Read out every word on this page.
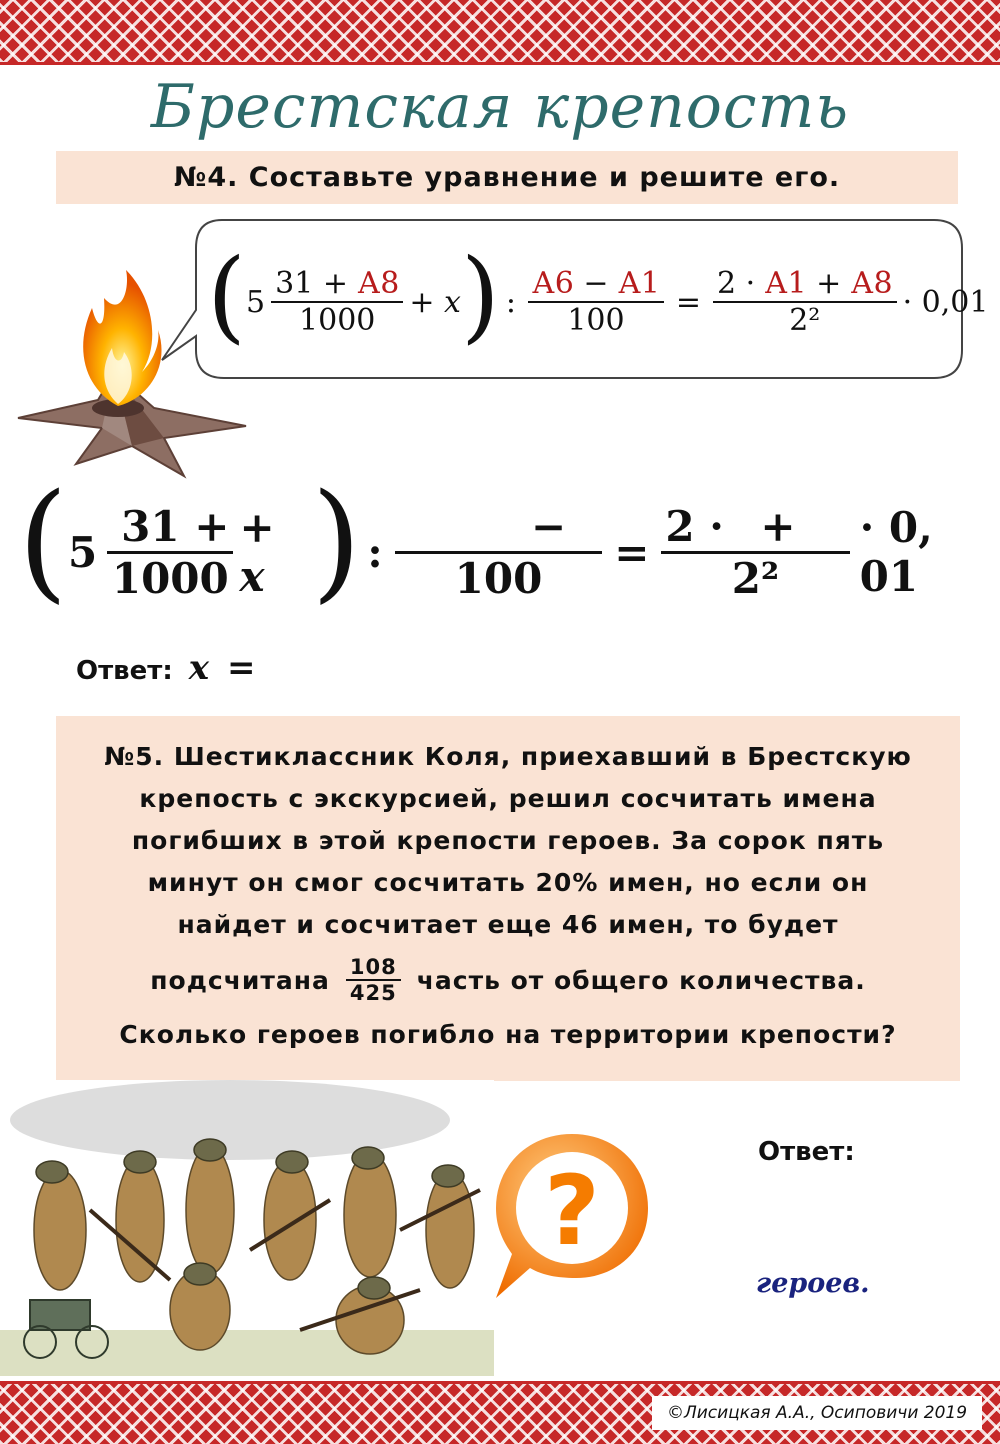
Брестская крепость
№4. Составьте уравнение и решите его.
( $5 \frac{31 + А8}{1000} + x$ ) : $\frac{А6 - А1}{100} = \frac{2 \cdot А1 + А8}{\text{2²}} \cdot 0,01$
( $5 \frac{31 +}{1000} + x$ ) :
−
100
= $\frac{2 \cdot +}{\text{2²}} \cdot 0$, 01
Ответ: x =
№5. Шестиклассник Коля, приехавший в Брестскую
крепость с экскурсией, решил сосчитать имена
погибших в этой крепости героев. За сорок пять
минут он смог сосчитать 20% имен, но если он
найдет и сосчитает еще 46 имен, то будет
подсчитана $\frac{108}{425}$ часть от общего количества.
Сколько героев погибло на территории крепости?
?
Ответ:
героев.
©Лисицкая А.А., Осиповичи 2019
